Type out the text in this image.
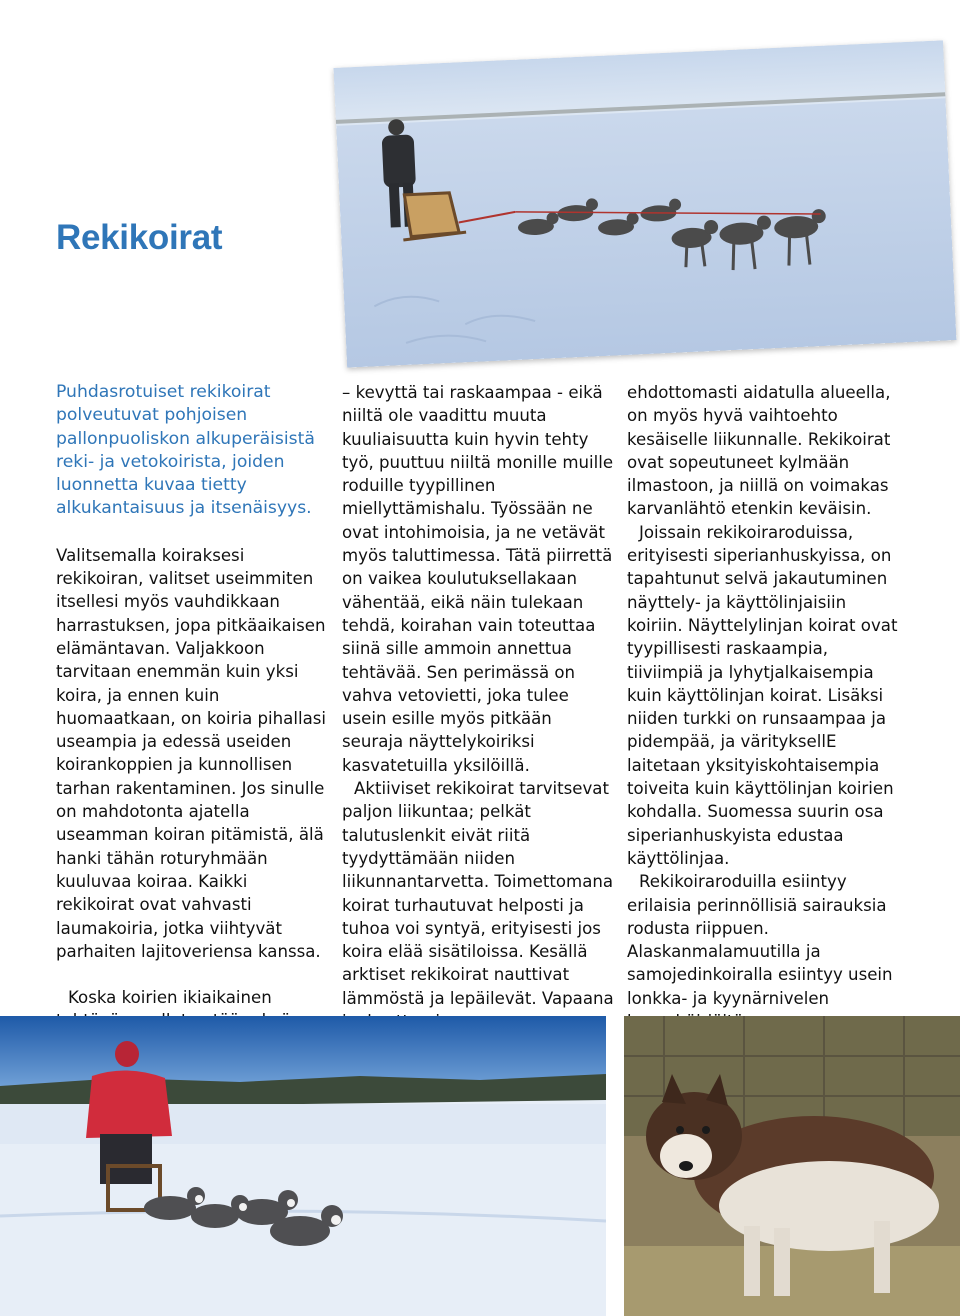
Rekikoirat

Puhdasrotuiset rekikoirat polveutuvat pohjoisen pallonpuoliskon alkuperäisistä reki- ja vetokoirista, joiden luonnetta kuvaa tietty alkukantaisuus ja itsenäisyys.

Valitsemalla koiraksesi rekikoiran, valitset useimmiten itsellesi myös vauhdikkaan harrastuksen, jopa pitkäaikaisen elämäntavan. Valjakkoon tarvitaan enemmän kuin yksi koira, ja ennen kuin huomaatkaan, on koiria pihallasi useampia ja edessä useiden koirankoppien ja kunnollisen tarhan rakentaminen. Jos sinulle on mahdotonta ajatella useamman koiran pitämistä, älä hanki tähän roturyhmään kuuluvaa koiraa. Kaikki rekikoirat ovat vahvasti laumakoiria, jotka viihtyvät parhaiten lajitoveriensa kanssa.

Koska koirien ikiaikainen

– kevyttä tai raskaampaa - eikä niiltä ole vaadittu muuta kuuliaisuutta kuin hyvin tehty työ, puuttuu niiltä monille muille roduille tyypillinen miellyttämishalu. Työssään ne ovat intohimoisia, ja ne vetävät myös taluttimessa. Tätä piirrettä on vaikea koulutuksellakaan vähentää, eikä näin tulekaan tehdä, koirahan vain toteuttaa siinä sille ammoin annettua tehtävää. Sen perimässä on vahva vetovietti, joka tulee usein esille myös pitkään seuraja näyttelykoiriksi kasvatetuilla yksilöillä.

Aktiiviset rekikoirat tarvitsevat paljon liikuntaa; pelkät talutuslenkit eivät riitä tyydyttämään niiden liikunnantarvetta. Toimettomana koirat turhautuvat helposti ja tuhoa voi syntyä, erityisesti jos koira elää sisätiloissa. Kesällä arktiset rekikoirat nauttivat lämmöstä ja lepäilevät. Vapaana

ehdottomasti aidatulla alueella, on myös hyvä vaihtoehto kesäiselle liikunnalle. Rekikoirat ovat sopeutuneet kylmään ilmastoon, ja niillä on voimakas karvanlähtö etenkin keväisin.

Joissain rekikoiraroduissa, erityisesti siperianhuskyissa, on tapahtunut selvä jakautuminen näyttely- ja käyttölinjaisiin koiriin. Näyttelylinjan koirat ovat tyypillisesti raskaampia, tiiviimpiä ja lyhytjalkaisempia kuin käyttölinjan koirat. Lisäksi niiden turkki on runsaampaa ja pidempää, ja värityksellE laitetaan yksityiskohtaisempia toiveita kuin käyttölinjan koirien kohdalla. Suomessa suurin osa siperianhuskyista edustaa käyttölinjaa.

Rekikoiraroduilla esiintyy erilaisia perinnöllisiä sairauksia rodusta riippuen. Alaskanmalamuutilla ja samojedinkoiralla esiintyy usein lonkka- ja kyynärnivelen
